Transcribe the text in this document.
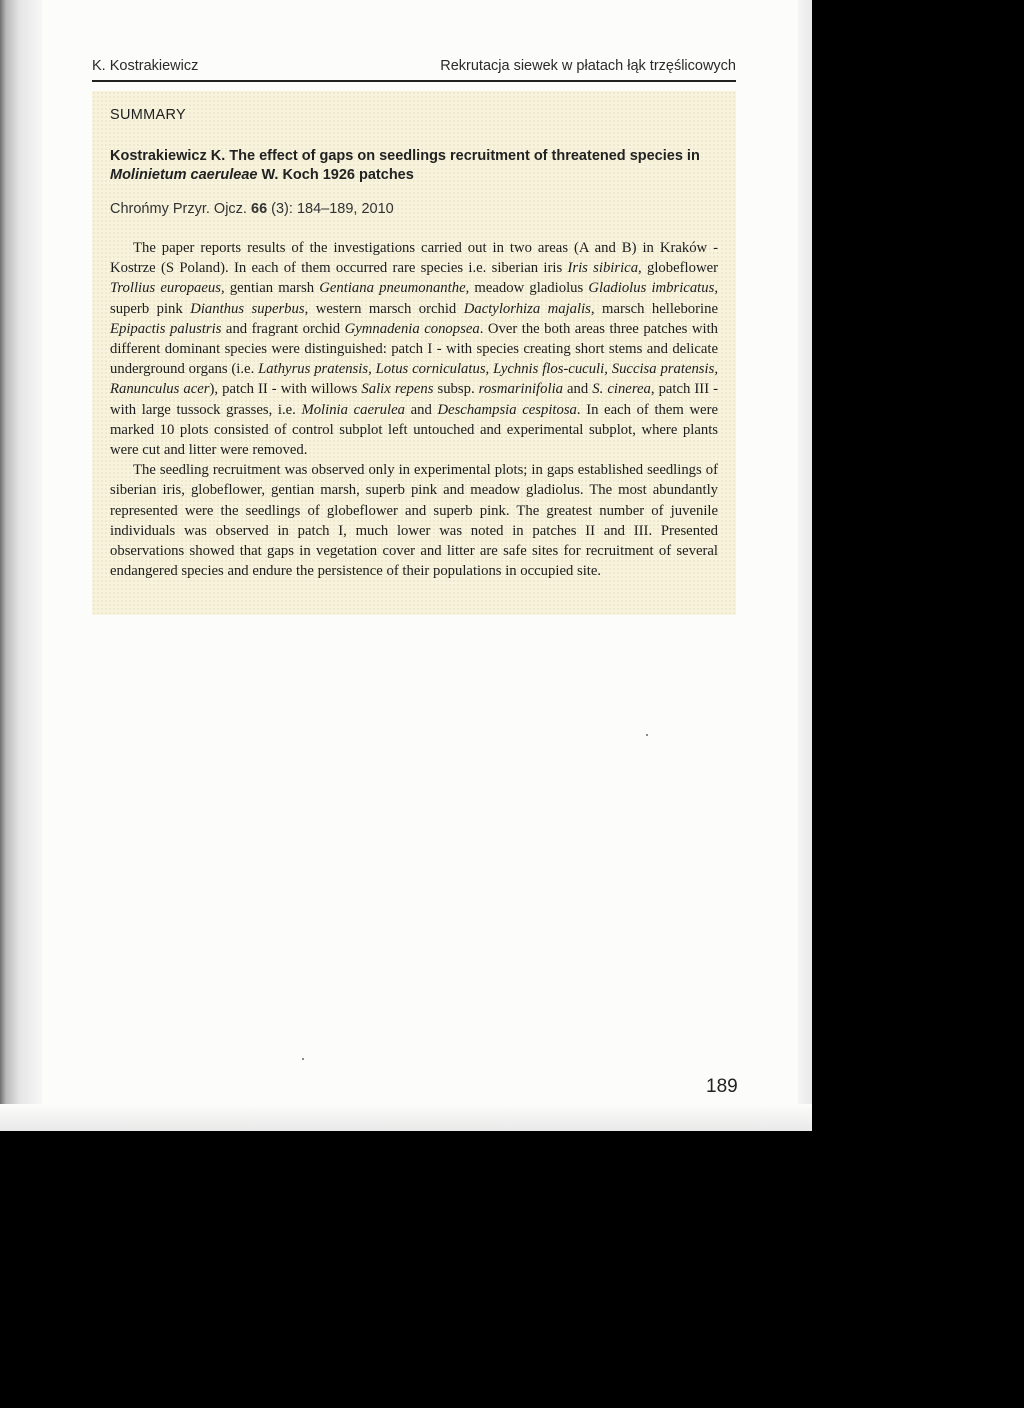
K. Kostrakiewicz	Rekrutacja siewek w płatach łąk trzęślicowych
SUMMARY
Kostrakiewicz K. The effect of gaps on seedlings recruitment of threatened species in Molinietum caeruleae W. Koch 1926 patches
Chrońmy Przyr. Ojcz. 66 (3): 184–189, 2010

The paper reports results of the investigations carried out in two areas (A and B) in Kraków - Kostrze (S Poland). In each of them occurred rare species i.e. siberian iris Iris sibirica, globeflower Trollius europaeus, gentian marsh Gentiana pneumonanthe, meadow gladiolus Gladiolus imbricatus, superb pink Dianthus superbus, western marsch orchid Dactylorhiza majalis, marsch helleborine Epipactis palustris and fragrant orchid Gymnadenia conopsea. Over the both areas three patches with different dominant species were distinguished: patch I - with species creating short stems and delicate underground organs (i.e. Lathyrus pratensis, Lotus corniculatus, Lychnis flos-cuculi, Succisa pratensis, Ranunculus acer), patch II - with willows Salix repens subsp. rosmarinifolia and S. cinerea, patch III - with large tussock grasses, i.e. Molinia caerulea and Deschampsia cespitosa. In each of them were marked 10 plots consisted of control subplot left untouched and experimental subplot, where plants were cut and litter were removed.

The seedling recruitment was observed only in experimental plots; in gaps established seedlings of siberian iris, globeflower, gentian marsh, superb pink and meadow gladiolus. The most abundantly represented were the seedlings of globeflower and superb pink. The greatest number of juvenile individuals was observed in patch I, much lower was noted in patches II and III. Presented observations showed that gaps in vegetation cover and litter are safe sites for recruitment of several endangered species and endure the persistence of their populations in occupied site.

189
